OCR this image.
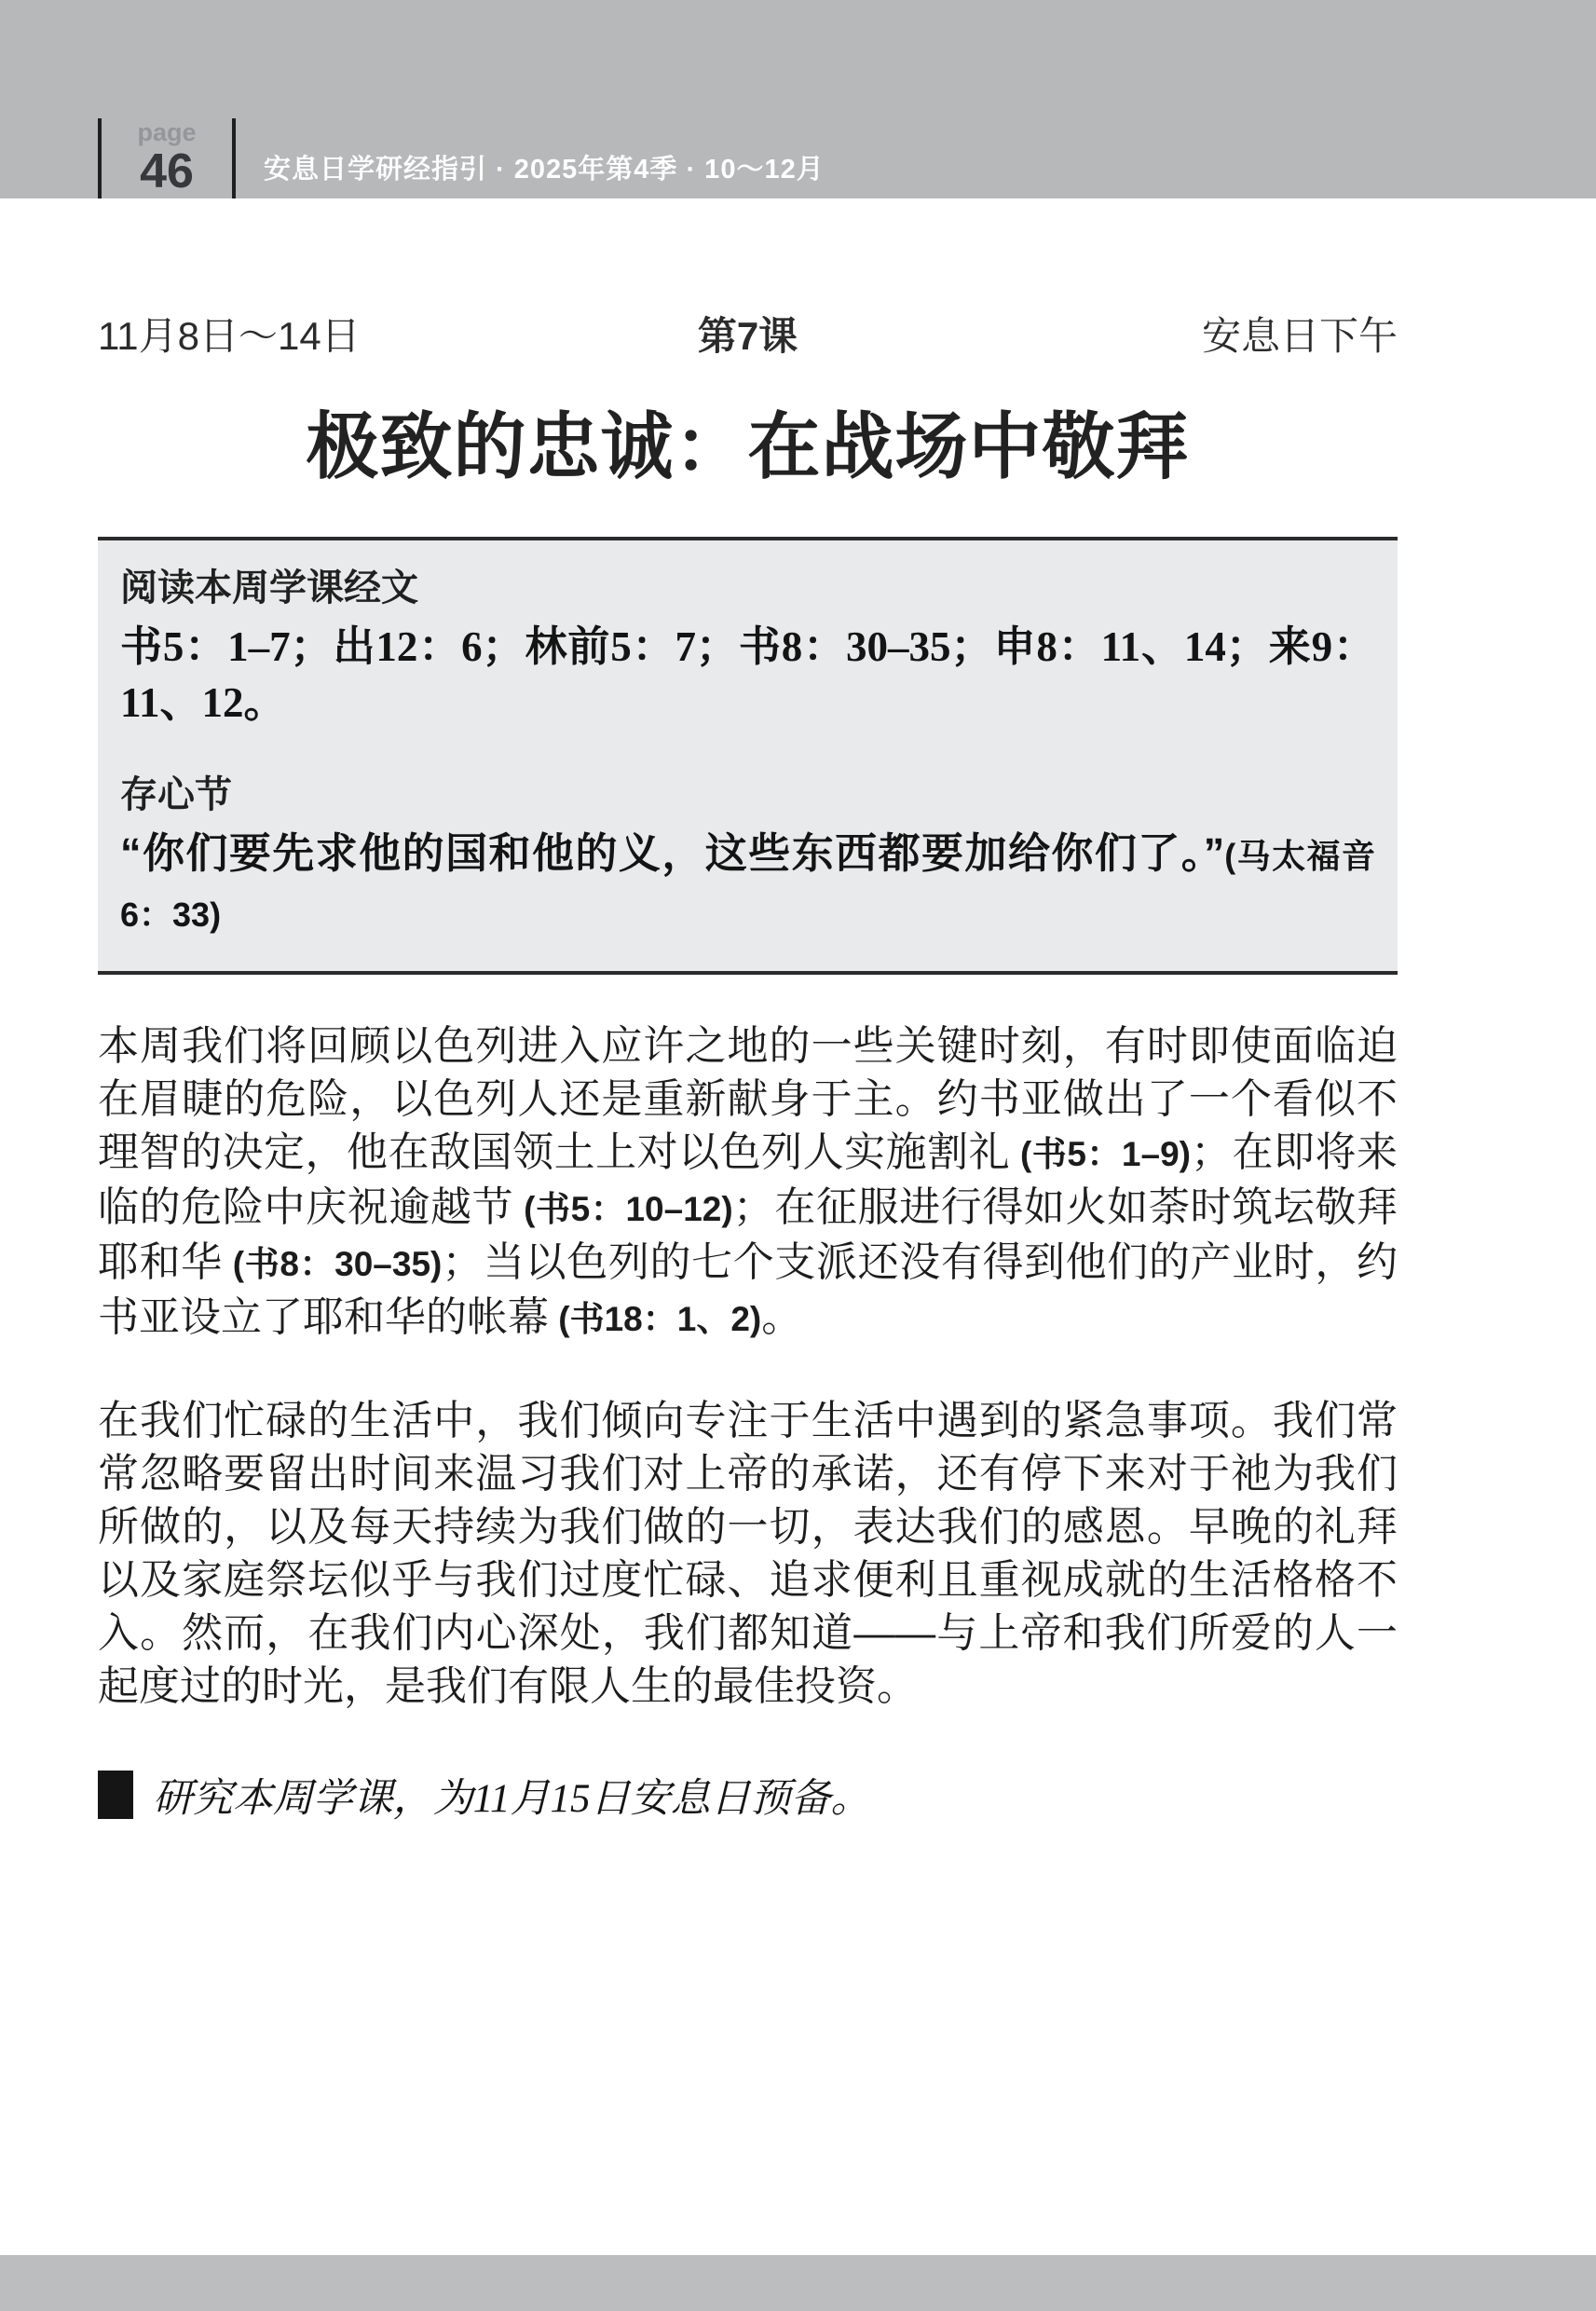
page
46	安息日学研经指引 · 2025年第4季 · 10～12月
11月8日～14日	第7课	安息日下午
极致的忠诚：在战场中敬拜
阅读本周学课经文
书5：1–7；出12：6；林前5：7；书8：30–35；申8：11、14；来9：11、12。
存心节
“你们要先求他的国和他的义，这些东西都要加给你们了。”(马太福音6：33)

本周我们将回顾以色列进入应许之地的一些关键时刻，有时即使面临迫在眉睫的危险，以色列人还是重新献身于主。约书亚做出了一个看似不理智的决定，他在敌国领土上对以色列人实施割礼 (书5：1–9)；在即将来临的危险中庆祝逾越节 (书5：10–12)；在征服进行得如火如荼时筑坛敬拜耶和华 (书8：30–35)；当以色列的七个支派还没有得到他们的产业时，约书亚设立了耶和华的帐幕 (书18：1、2)。

在我们忙碌的生活中，我们倾向专注于生活中遇到的紧急事项。我们常常忽略要留出时间来温习我们对上帝的承诺，还有停下来对于祂为我们所做的，以及每天持续为我们做的一切，表达我们的感恩。早晚的礼拜以及家庭祭坛似乎与我们过度忙碌、追求便利且重视成就的生活格格不入。然而，在我们内心深处，我们都知道——与上帝和我们所爱的人一起度过的时光，是我们有限人生的最佳投资。

研究本周学课，为11月15日安息日预备。
